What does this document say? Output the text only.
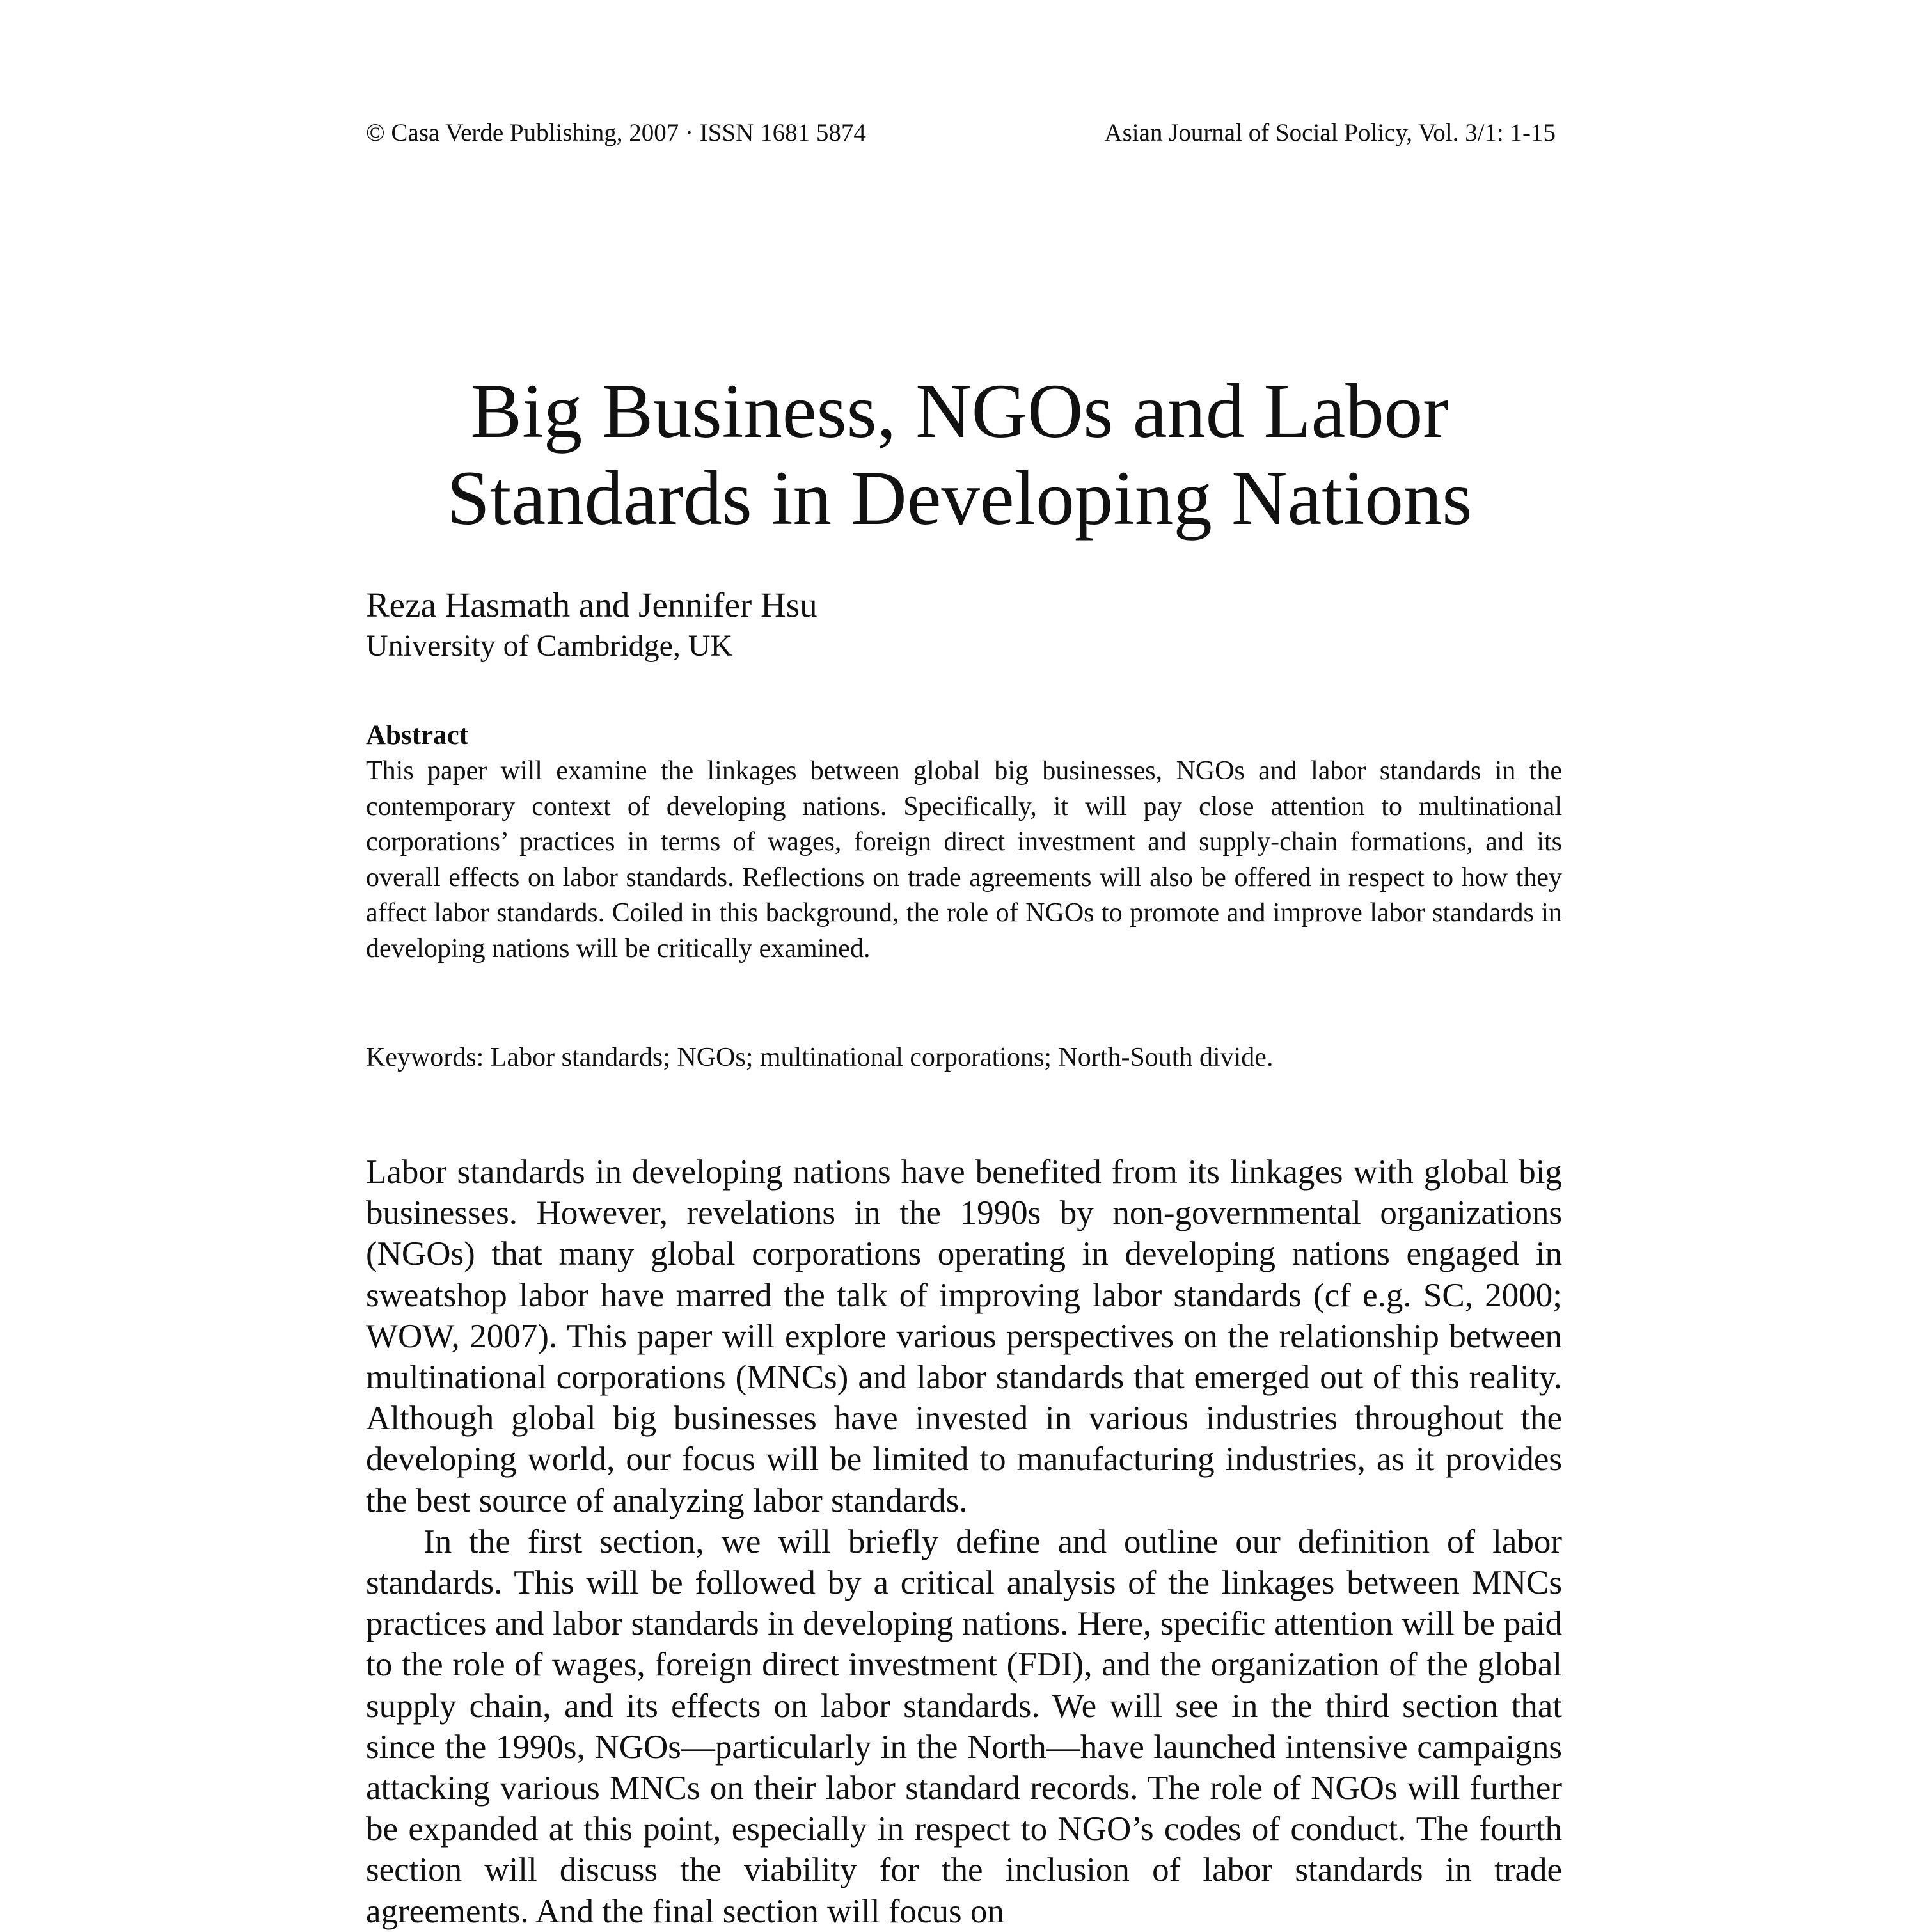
© Casa Verde Publishing, 2007 · ISSN 1681 5874	Asian Journal of Social Policy, Vol. 3/1: 1-15
Big Business, NGOs and Labor
Standards in Developing Nations
Reza Hasmath and Jennifer Hsu
University of Cambridge, UK
Abstract
This paper will examine the linkages between global big businesses, NGOs and labor standards in the contemporary context of developing nations. Specifically, it will pay close attention to multinational corporations’ practices in terms of wages, foreign direct investment and supply-chain formations, and its overall effects on labor standards. Reflections on trade agreements will also be offered in respect to how they affect labor standards. Coiled in this background, the role of NGOs to promote and improve labor standards in developing nations will be critically examined.
Keywords: Labor standards; NGOs; multinational corporations; North-South divide.

Labor standards in developing nations have benefited from its linkages with global big businesses. However, revelations in the 1990s by non-governmental organizations (NGOs) that many global corporations operating in developing nations engaged in sweatshop labor have marred the talk of improving labor standards (cf e.g. SC, 2000; WOW, 2007). This paper will explore various perspectives on the relationship between multinational corporations (MNCs) and labor standards that emerged out of this reality. Although global big businesses have invested in various industries throughout the developing world, our focus will be limited to manufacturing industries, as it provides the best source of analyzing labor standards.

In the first section, we will briefly define and outline our definition of labor standards. This will be followed by a critical analysis of the linkages between MNCs practices and labor standards in developing nations. Here, specific attention will be paid to the role of wages, foreign direct investment (FDI), and the organization of the global supply chain, and its effects on labor standards. We will see in the third section that since the 1990s, NGOs—particularly in the North—have launched intensive campaigns attacking various MNCs on their labor standard records. The role of NGOs will further be expanded at this point, especially in respect to NGO’s codes of conduct. The fourth section will discuss the viability for the inclusion of labor standards in trade agreements. And the final section will focus on
